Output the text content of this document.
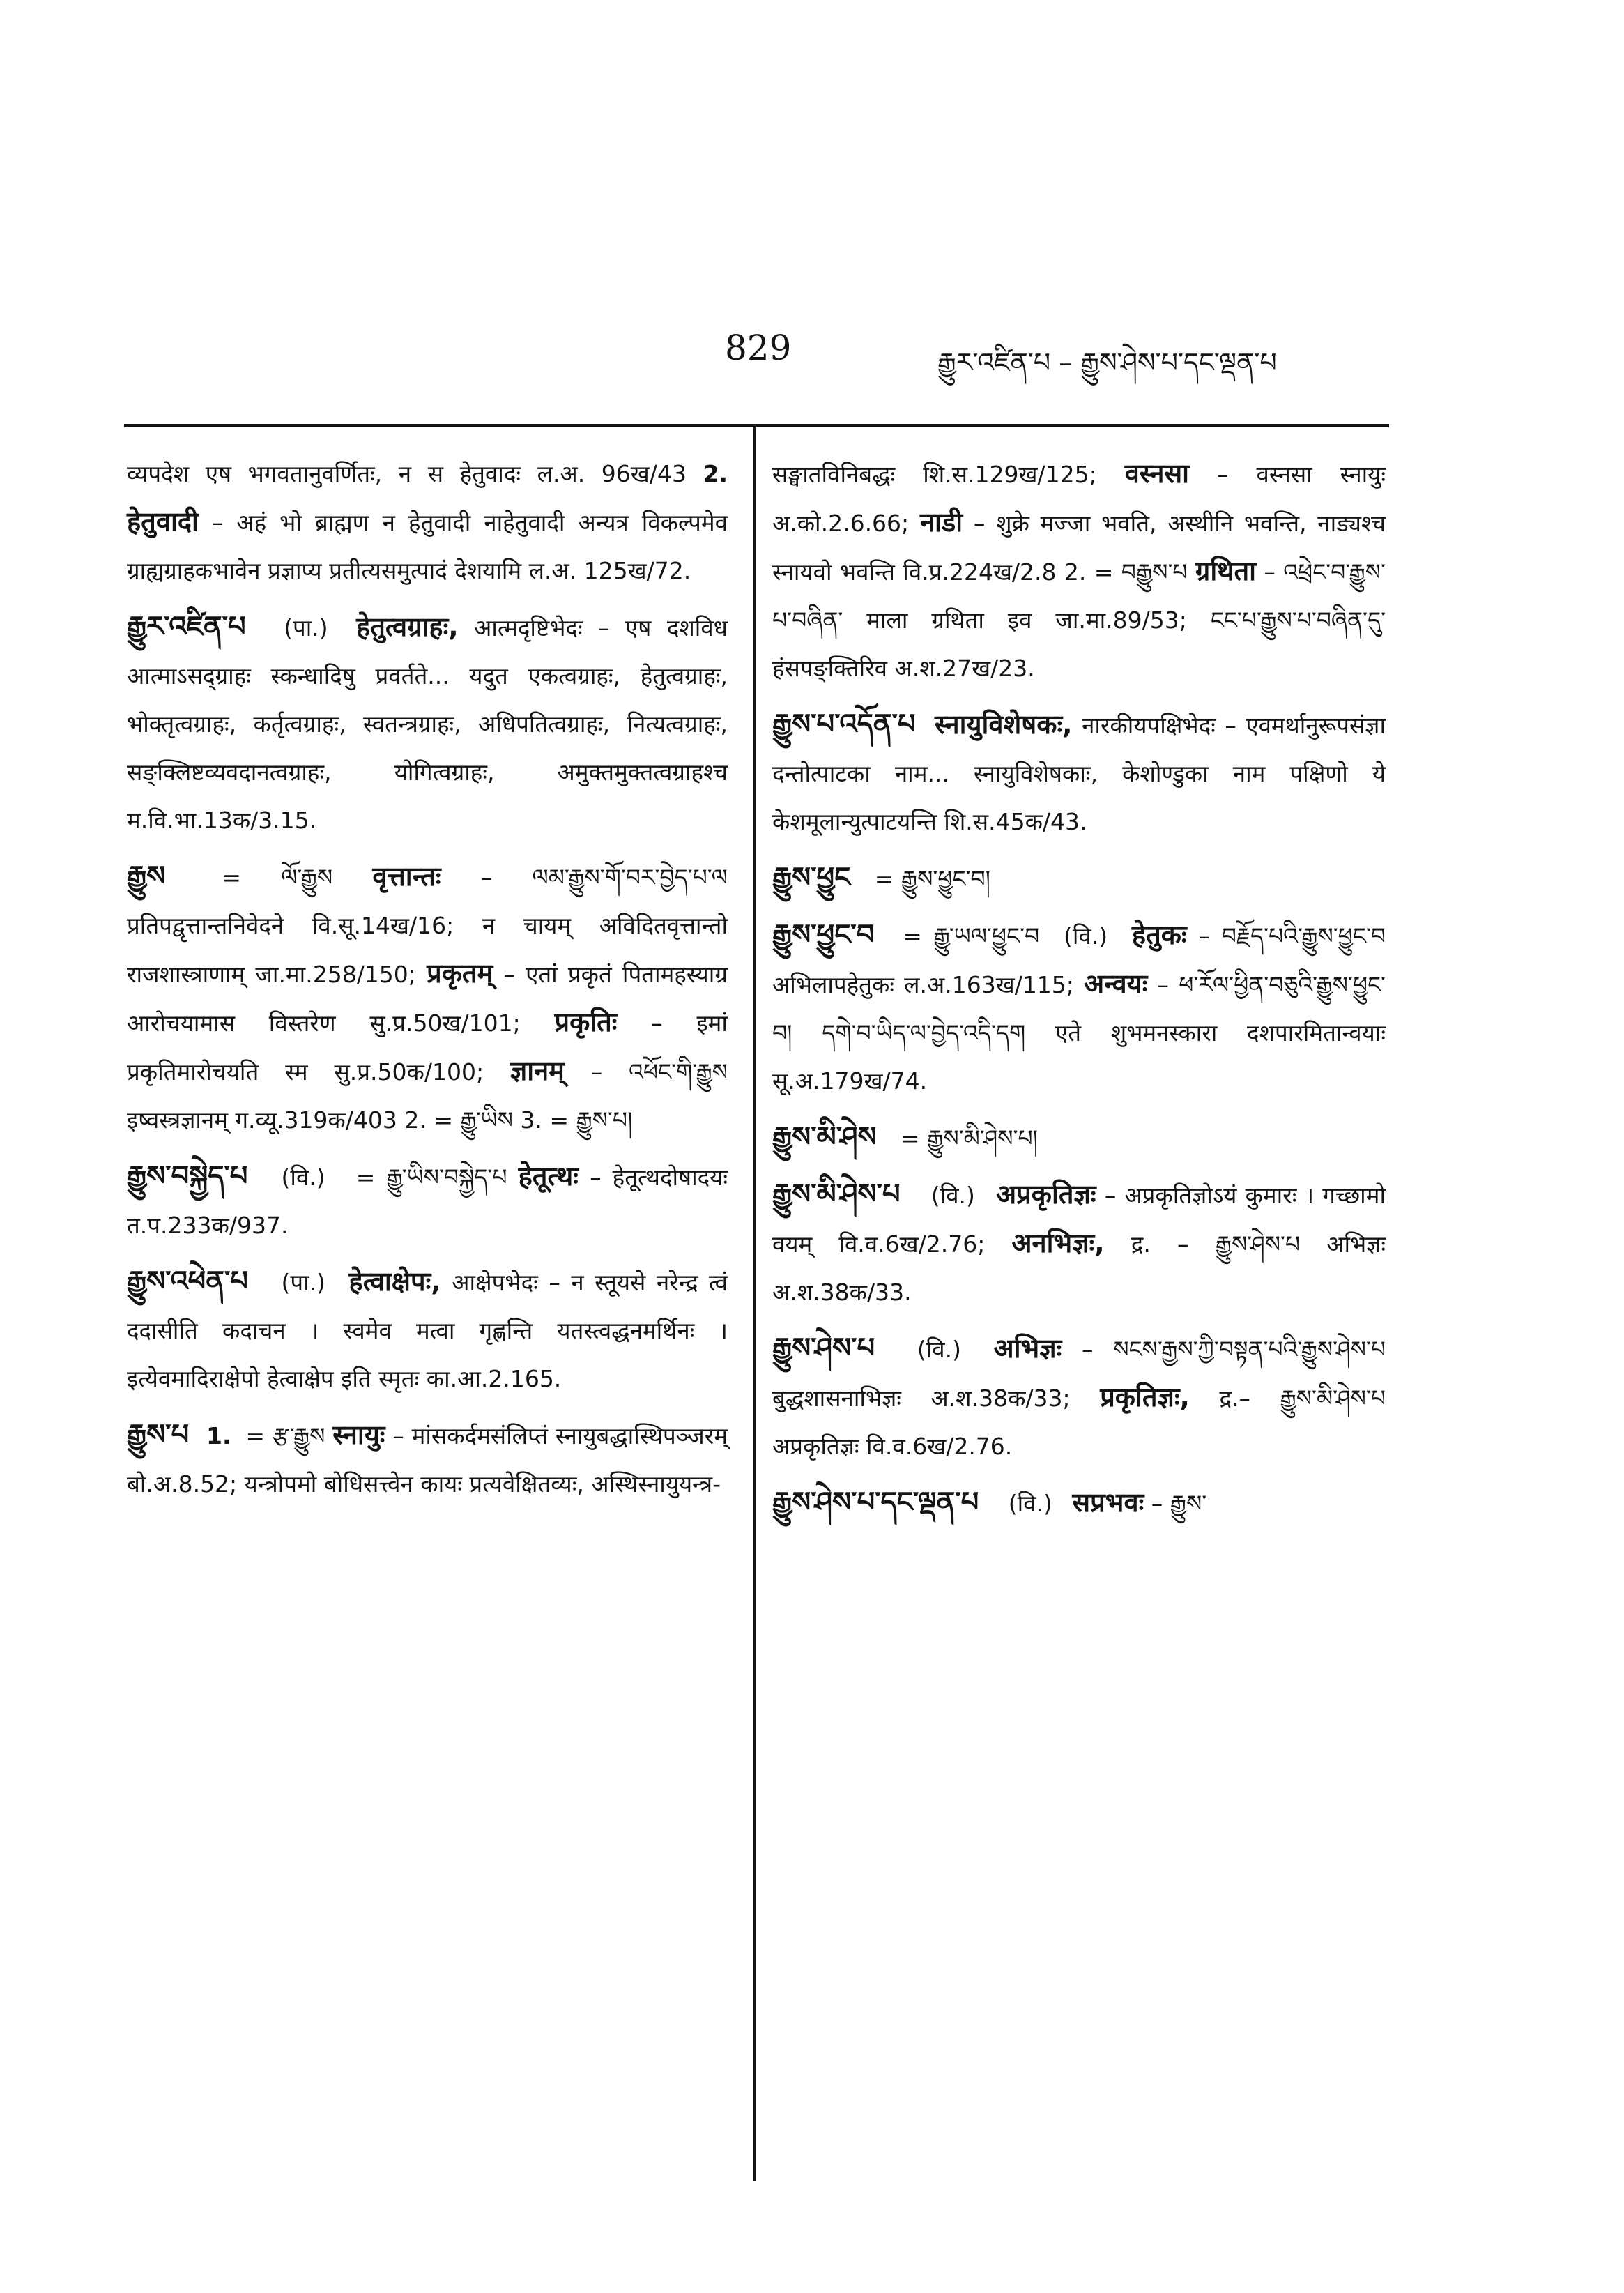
829	རྒྱུར་འཛིན་པ – རྒྱུས་ཤེས་པ་དང་ལྡན་པ

व्यपदेश एष भगवतानुवर्णितः, न स हेतुवादः ल.अ. 96ख/43 2. हेतुवादी – अहं भो ब्राह्मण न हेतुवादी नाहेतुवादी अन्यत्र विकल्पमेव ग्राह्यग्राहकभावेन प्रज्ञाप्य प्रतीत्यसमुत्पादं देशयामि ल.अ. 125ख/72.

རྒྱུར་འཛིན་པ (पा.) हेतुत्वग्राहः, आत्मदृष्टिभेदः – एष दशविध आत्माऽसद्ग्राहः स्कन्धादिषु प्रवर्तते... यदुत एकत्वग्राहः, हेतुत्वग्राहः, भोक्तृत्वग्राहः, कर्तृत्वग्राहः, स्वतन्त्रग्राहः, अधिपतित्वग्राहः, नित्यत्वग्राहः, सङ्क्लिष्टव्यवदानत्वग्राहः, योगित्वग्राहः, अमुक्तमुक्तत्वग्राहश्च म.वि.भा.13क/3.15.

རྒྱུས = ལོ་རྒྱུས वृत्तान्तः – ལམ་རྒྱུས་གོ་བར་བྱེད་པ་ལ प्रतिपद्वृत्तान्तनिवेदने वि.सू.14ख/16; न चायम् अविदितवृत्तान्तो राजशास्त्राणाम् जा.मा.258/150; प्रकृतम् – एतां प्रकृतं पितामहस्याग्र आरोचयामास विस्तरेण सु.प्र.50ख/101; प्रकृतिः – इमां प्रकृतिमारोचयति स्म सु.प्र.50क/100; ज्ञानम् – འཕོང་གི་རྒྱུས इष्वस्त्रज्ञानम् ग.व्यू.319क/403 2. = རྒྱུ་ཡིས 3. = རྒྱུས་པ།

རྒྱུས་བསྐྱེད་པ (वि.) = རྒྱུ་ཡིས་བསྐྱེད་པ हेतूत्थः – हेतूत्थदोषादयः त.प.233क/937.

རྒྱུས་འཕེན་པ (पा.) हेत्वाक्षेपः, आक्षेपभेदः – न स्तूयसे नरेन्द्र त्वं ददासीति कदाचन । स्वमेव मत्वा गृह्णन्ति यतस्त्वद्धनमर्थिनः । इत्येवमादिराक्षेपो हेत्वाक्षेप इति स्मृतः का.आ.2.165.

རྒྱུས་པ 1. = རྩ་རྒྱུས स्नायुः – मांसकर्दमसंलिप्तं स्नायुबद्धास्थिपञ्जरम् बो.अ.8.52; यन्त्रोपमो बोधिसत्त्वेन कायः प्रत्यवेक्षितव्यः, अस्थिस्नायुयन्त्र-

सङ्घातविनिबद्धः शि.स.129ख/125; वस्नसा – वस्नसा स्नायुः अ.को.2.6.66; नाडी – शुक्रे मज्जा भवति, अस्थीनि भवन्ति, नाड्यश्च स्नायवो भवन्ति वि.प्र.224ख/2.8 2. = བརྒྱུས་པ ग्रथिता – འཕྲེང་བ་རྒྱུས་པ་བཞིན་ माला ग्रथिता इव जा.मा.89/53; ངང་པ་རྒྱུས་པ་བཞིན་དུ་ हंसपङ्क्तिरिव अ.श.27ख/23.

རྒྱུས་པ་འདོན་པ स्नायुविशेषकः, नारकीयपक्षिभेदः – एवमर्थानुरूपसंज्ञा दन्तोत्पाटका नाम... स्नायुविशेषकाः, केशोण्डुका नाम पक्षिणो ये केशमूलान्युत्पाटयन्ति शि.स.45क/43.

རྒྱུས་ཕྱུང = རྒྱུས་ཕྱུང་བ།

རྒྱུས་ཕྱུང་བ = རྒྱུ་ཡལ་ཕྱུང་བ (वि.) हेतुकः – བརྗོད་པའི་རྒྱུས་ཕྱུང་བ अभिलापहेतुकः ल.अ.163ख/115; अन्वयः – ཕ་རོལ་ཕྱིན་བཅུའི་རྒྱུས་ཕྱུང་བ། དགེ་བ་ཡིད་ལ་བྱེད་འདི་དག एते शुभमनस्कारा दशपारमितान्वयाः सू.अ.179ख/74.

རྒྱུས་མི་ཤེས = རྒྱུས་མི་ཤེས་པ།

རྒྱུས་མི་ཤེས་པ (वि.) अप्रकृतिज्ञः – अप्रकृतिज्ञोऽयं कुमारः । गच्छामो वयम् वि.व.6ख/2.76; अनभिज्ञः, द्र. – རྒྱུས་ཤེས་པ अभिज्ञः अ.श.38क/33.

རྒྱུས་ཤེས་པ (वि.) अभिज्ञः – སངས་རྒྱས་ཀྱི་བསྟན་པའི་རྒྱུས་ཤེས་པ बुद्धशासनाभिज्ञः अ.श.38क/33; प्रकृतिज्ञः, द्र.– རྒྱུས་མི་ཤེས་པ अप्रकृतिज्ञः वि.व.6ख/2.76.

རྒྱུས་ཤེས་པ་དང་ལྡན་པ (वि.) सप्रभवः – རྒྱུས་
